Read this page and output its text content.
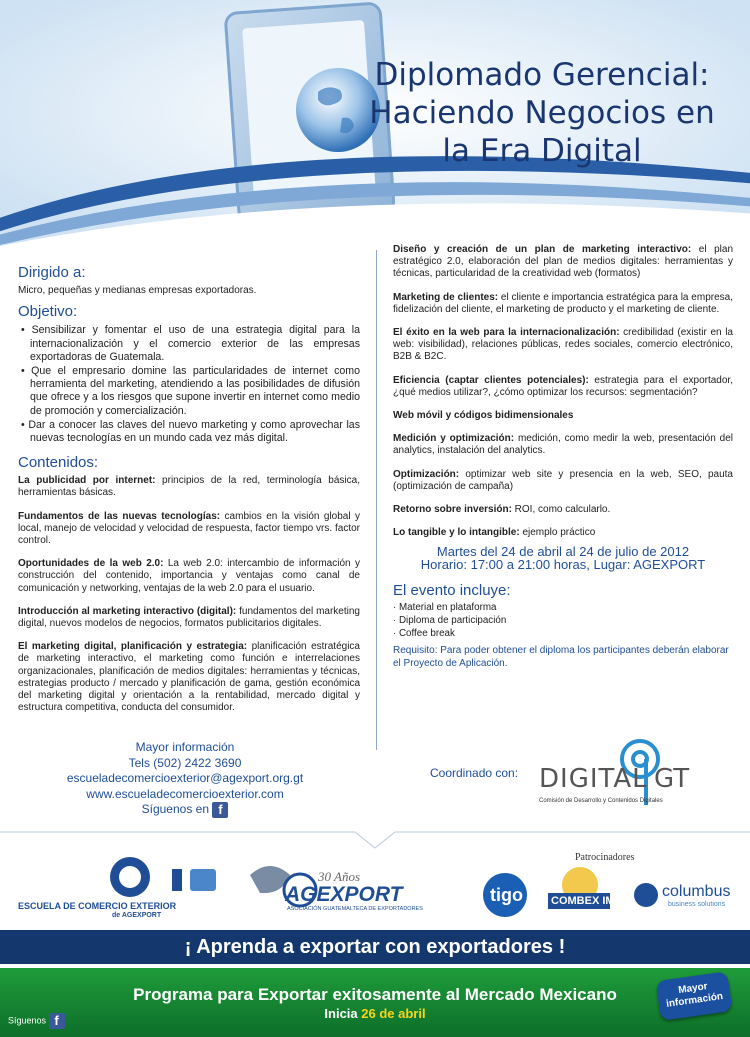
Diplomado Gerencial:
Haciendo Negocios en
la Era Digital
Dirigido a:
Micro, pequeñas y medianas empresas exportadoras.
Objetivo:
• Sensibilizar y fomentar el uso de una estrategia digital para la internacionalización y el comercio exterior de las empresas exportadoras de Guatemala.
• Que el empresario domine las particularidades de internet como herramienta del marketing, atendiendo a las posibilidades de difusión que ofrece y a los riesgos que supone invertir en internet como medio de promoción y comercialización.
• Dar a conocer las claves del nuevo marketing y como aprovechar las nuevas tecnologías en un mundo cada vez más digital.
Contenidos:
La publicidad por internet: principios de la red, terminología básica, herramientas básicas.
Fundamentos de las nuevas tecnologías: cambios en la visión global y local, manejo de velocidad y velocidad de respuesta, factor tiempo vrs. factor control.
Oportunidades de la web 2.0: La web 2.0: intercambio de información y construcción del contenido, importancia y ventajas como canal de comunicación y networking, ventajas de la web 2.0 para el usuario.
Introducción al marketing interactivo (digital): fundamentos del marketing digital, nuevos modelos de negocios, formatos publicitarios digitales.
El marketing digital, planificación y estrategia: planificación estratégica de marketing interactivo, el marketing como función e interrelaciones organizacionales, planificación de medios digitales: herramientas y técnicas, estrategias producto / mercado y planificación de gama, gestión económica del marketing digital y orientación a la rentabilidad, mercado digital y estructura competitiva, conducta del consumidor.
Diseño y creación de un plan de marketing interactivo: el plan estratégico 2.0, elaboración del plan de medios digitales: herramientas y técnicas, particularidad de la creatividad web (formatos)
Marketing de clientes: el cliente e importancia estratégica para la empresa, fidelización del cliente, el marketing de producto y el marketing de cliente.
El éxito en la web para la internacionalización: credibilidad (existir en la web: visibilidad), relaciones públicas, redes sociales, comercio electrónico, B2B & B2C.
Eficiencia (captar clientes potenciales): estrategia para el exportador, ¿qué medios utilizar?, ¿cómo optimizar los recursos: segmentación?
Web móvil y códigos bidimensionales
Medición y optimización: medición, como medir la web, presentación del analytics, instalación del analytics.
Optimización: optimizar web site y presencia en la web, SEO, pauta (optimización de campaña)
Retorno sobre inversión: ROI, como calcularlo.
Lo tangible y lo intangible: ejemplo práctico
Martes del 24 de abril al 24 de julio de 2012
Horario: 17:00 a 21:00 horas, Lugar: AGEXPORT
El evento incluye:
· Material en plataforma
· Diploma de participación
· Coffee break
Requisito: Para poder obtener el diploma los participantes deberán elaborar el Proyecto de Aplicación.
Mayor información
Tels (502) 2422 3690
escueladecomercioexterior@agexport.org.gt
www.escueladecomercioexterior.com
Síguenos en f
Coordinado con: DIGITAL GT
Comisión de Desarrollo y Contenidos Digitales
Patrocinadores
ESCUELA DE COMERCIO EXTERIOR
de AGEXPORT
30 Años
AGEXPORT
ASOCIACIÓN GUATEMALTECA DE EXPORTADORES
tigo	COMBEX IM
columbus
business solutions
¡ Aprenda a exportar con exportadores !
Programa para Exportar exitosamente al Mercado Mexicano
Inicia 26 de abril
Síguenos f
Mayor información
